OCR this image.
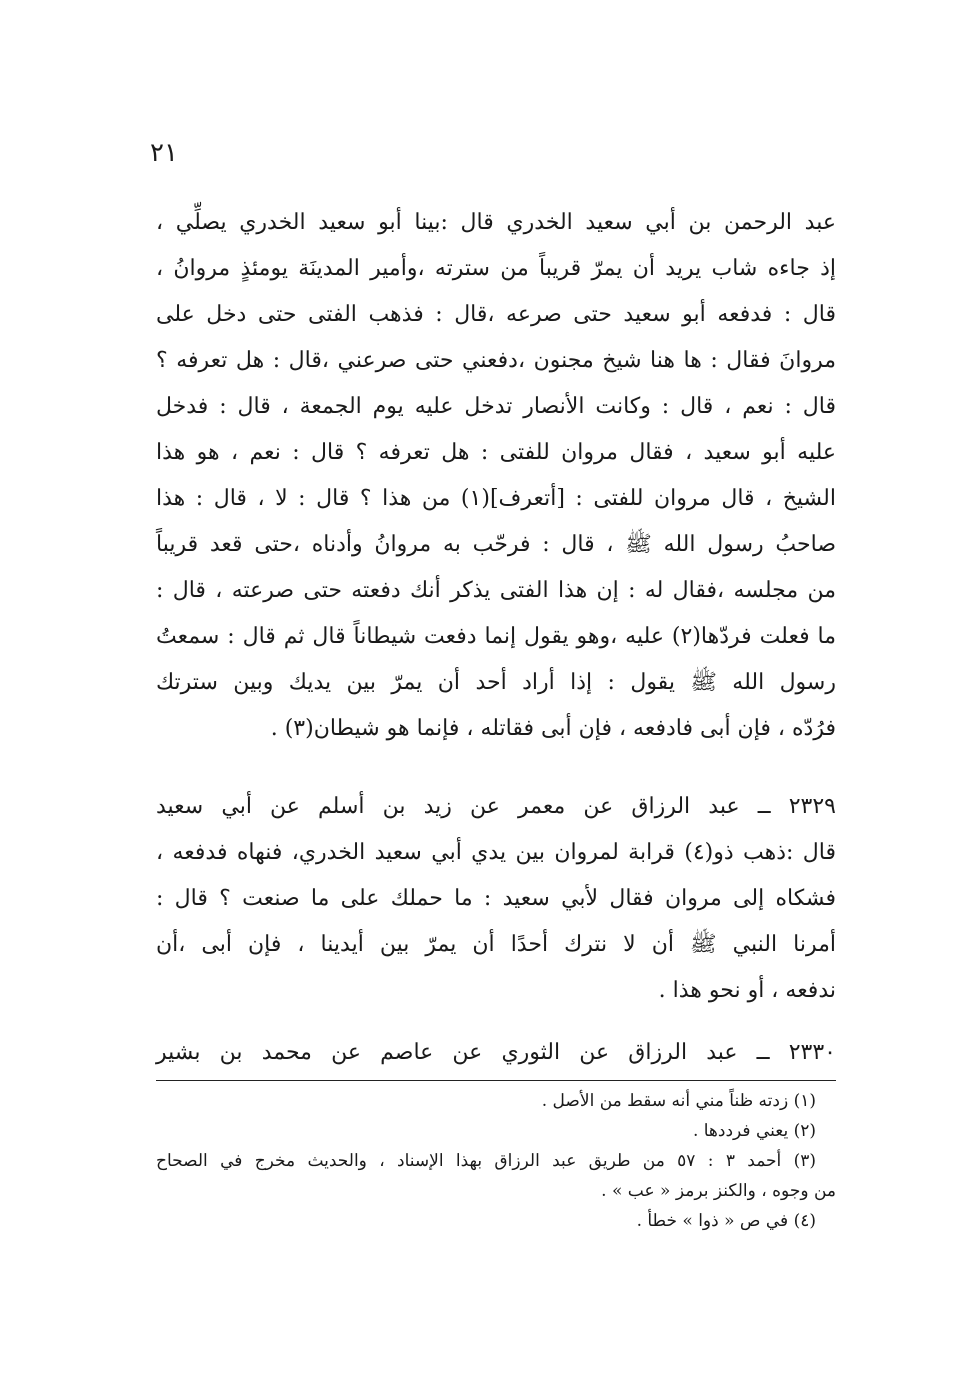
٢١
عبد الرحمن بن أبي سعيد الخدري قال :بينا أبو سعيد الخدري يصلِّي ،
إذ جاءه شاب يريد أن يمرّ قريباً من سترته ،وأمير المدينَة يومئذٍ مروانُ ،
قال : فدفعه أبو سعيد حتى صرعه ،قال : فذهب الفتى حتى دخل على
مروانَ فقال : ها هنا شيخ مجنون ،دفعني حتى صرعني ،قال : هل تعرفه ؟
قال : نعم ، قال : وكانت الأنصار تدخل عليه يوم الجمعة ، قال : فدخل
عليه أبو سعيد ، فقال مروان للفتى : هل تعرفه ؟ قال : نعم ، هو هذا
الشيخ ، قال مروان للفتى : [أتعرف](١) من هذا ؟ قال : لا ، قال : هذا
صاحبُ رسول الله ﷺ ، قال : فرحّب به مروانُ وأدناه ،حتى قعد قريباً
من مجلسه ،فقال له : إن هذا الفتى يذكر أنك دفعته حتى صرعته ، قال :
ما فعلت فردّها(٢) عليه ،وهو يقول إنما دفعت شيطاناً قال ثم قال : سمعتُ
رسول الله ﷺ يقول : إذا أراد أحد أن يمرّ بين يديك وبين سترتك
فرُدّه ، فإن أبى فادفعه ، فإن أبى فقاتله ، فإنما هو شيطان(٣) .
٢٣٢٩ ــ عبد الرزاق عن معمر عن زيد بن أسلم عن أبي سعيد
قال :ذهب ذو(٤) قرابة لمروان بين يدي أبي سعيد الخدري، فنهاه فدفعه ،
فشكاه إلى مروان فقال لأبي سعيد : ما حملك على ما صنعت ؟ قال :
أمرنا النبي ﷺ أن لا نترك أحدًا أن يمرّ بين أيدينا ، فإن أبى ،أن
ندفعه ، أو نحو هذا .
٢٣٣٠ ــ عبد الرزاق عن الثوري عن عاصم عن محمد بن بشير
(١) زدته ظناً مني أنه سقط من الأصل .
(٢) يعني فرددها .
(٣) أحمد ٣ : ٥٧ من طريق عبد الرزاق بهذا الإسناد ، والحديث مخرج في الصحاح
من وجوه ، والكنز برمز « عب » .
(٤) في ص « ذوا » خطأ .
